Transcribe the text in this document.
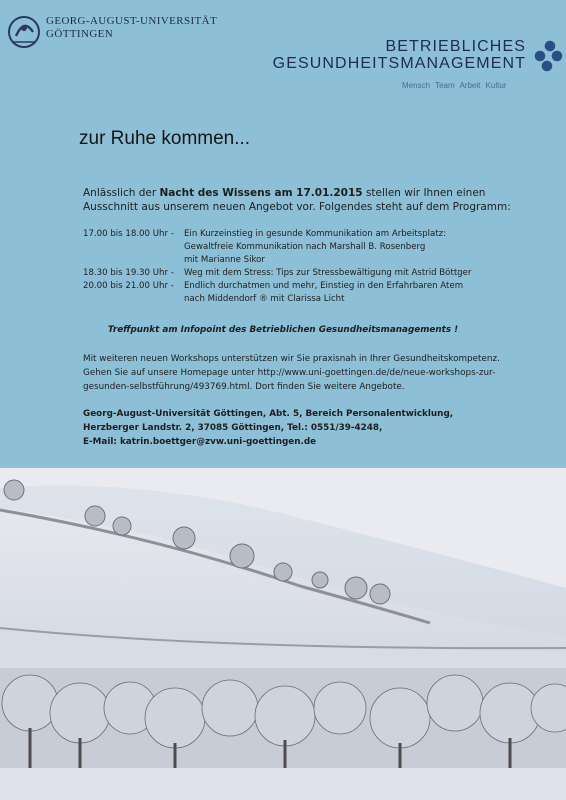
GEORG-AUGUST-UNIVERSITÄT
GÖTTINGEN
BETRIEBLICHES
GESUNDHEITSMANAGEMENT
Mensch Team Arbeit Kultur
zur Ruhe kommen...
Anlässlich der Nacht des Wissens am 17.01.2015 stellen wir Ihnen einen Ausschnitt aus unserem neuen Angebot vor. Folgendes steht auf dem Programm:
17.00 bis 18.00 Uhr -	Ein Kurzeinstieg in gesunde Kommunikation am Arbeitsplatz:
Gewaltfreie Kommunikation nach Marshall B. Rosenberg
mit Marianne Sikor
18.30 bis 19.30 Uhr -	Weg mit dem Stress: Tips zur Stressbewältigung mit Astrid Böttger
20.00 bis 21.00 Uhr -	Endlich durchatmen und mehr, Einstieg in den Erfahrbaren Atem
nach Middendorf ® mit Clarissa Licht
Treffpunkt am Infopoint des Betrieblichen Gesundheitsmanagements !
Mit weiteren neuen Workshops unterstützen wir Sie praxisnah in Ihrer Gesundheitskompetenz. Gehen Sie auf unsere Homepage unter http://www.uni-goettingen.de/de/neue-workshops-zur-gesunden-selbstführung/493769.html. Dort finden Sie weitere Angebote.
Georg-August-Universität Göttingen, Abt. 5, Bereich Personalentwicklung,
Herzberger Landstr. 2, 37085 Göttingen, Tel.: 0551/39-4248,
E-Mail: katrin.boettger@zvw.uni-goettingen.de
